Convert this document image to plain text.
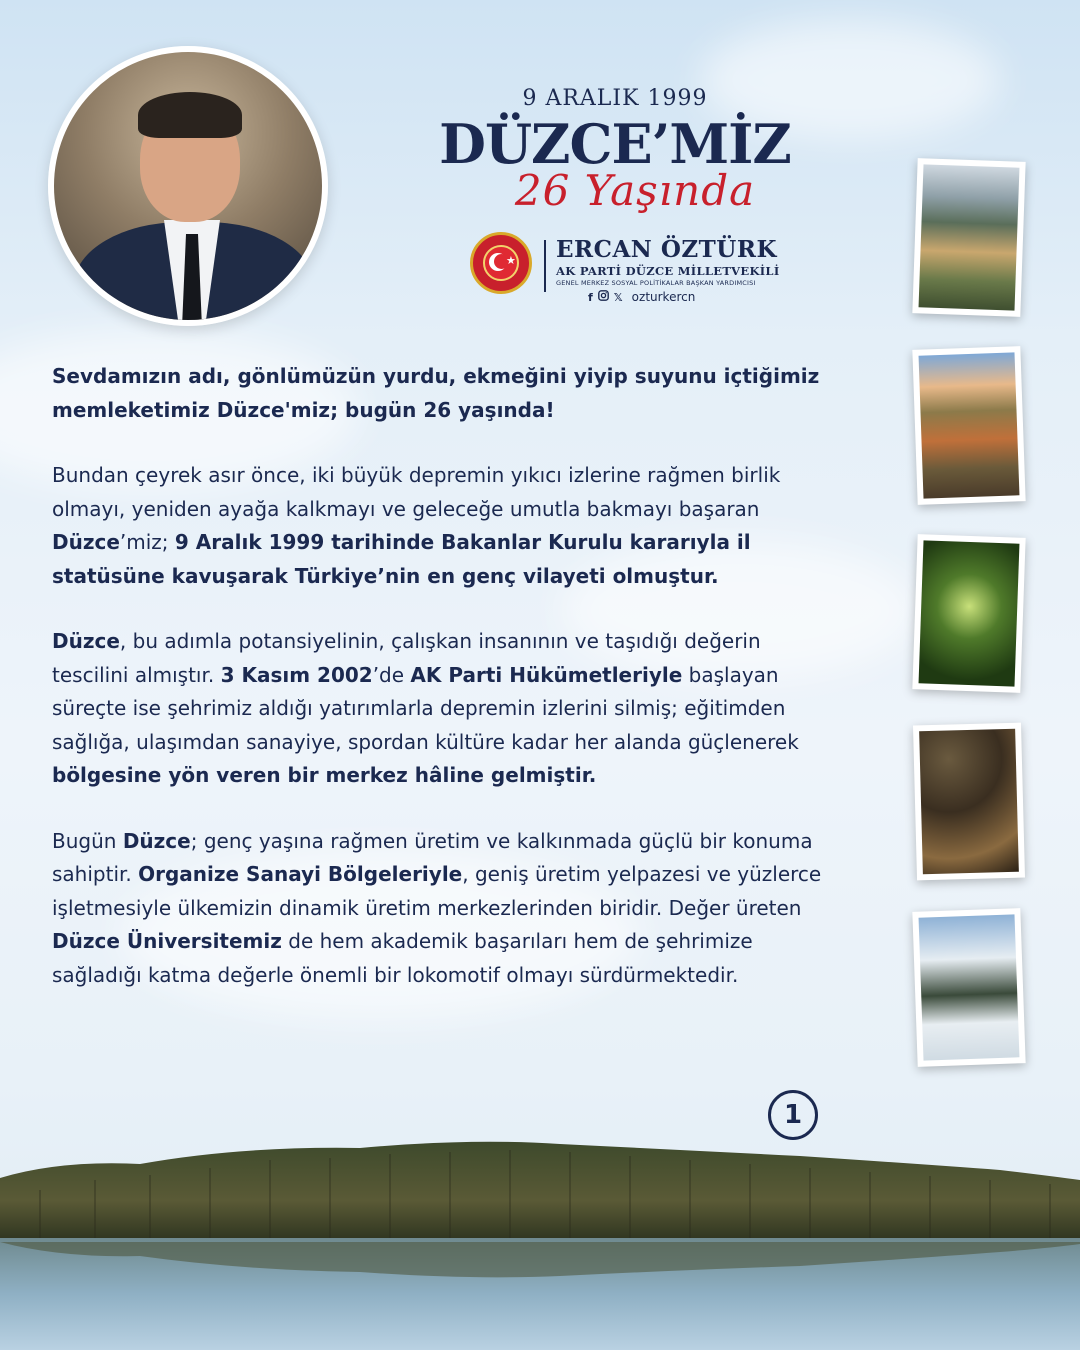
9 ARALIK 1999
DÜZCE’MİZ
26 Yaşında
★ ERCAN ÖZTÜRK
AK PARTİ DÜZCE MİLLETVEKİLİ
GENEL MERKEZ SOSYAL POLİTİKALAR BAŞKAN YARDIMCISI
f 𝕏 ozturkercn

Sevdamızın adı, gönlümüzün yurdu, ekmeğini yiyip suyunu içtiğimiz memleketimiz Düzce'miz; bugün 26 yaşında!

Bundan çeyrek asır önce, iki büyük depremin yıkıcı izlerine rağmen birlik olmayı, yeniden ayağa kalkmayı ve geleceğe umutla bakmayı başaran Düzce’miz; 9 Aralık 1999 tarihinde Bakanlar Kurulu kararıyla il statüsüne kavuşarak Türkiye’nin en genç vilayeti olmuştur.

Düzce, bu adımla potansiyelinin, çalışkan insanının ve taşıdığı değerin tescilini almıştır. 3 Kasım 2002’de AK Parti Hükümetleriyle başlayan süreçte ise şehrimiz aldığı yatırımlarla depremin izlerini silmiş; eğitimden sağlığa, ulaşımdan sanayiye, spordan kültüre kadar her alanda güçlenerek bölgesine yön veren bir merkez hâline gelmiştir.

Bugün Düzce; genç yaşına rağmen üretim ve kalkınmada güçlü bir konuma sahiptir. Organize Sanayi Bölgeleriyle, geniş üretim yelpazesi ve yüzlerce işletmesiyle ülkemizin dinamik üretim merkezlerinden biridir. Değer üreten Düzce Üniversitemiz de hem akademik başarıları hem de şehrimize sağladığı katma değerle önemli bir lokomotif olmayı sürdürmektedir.

1
